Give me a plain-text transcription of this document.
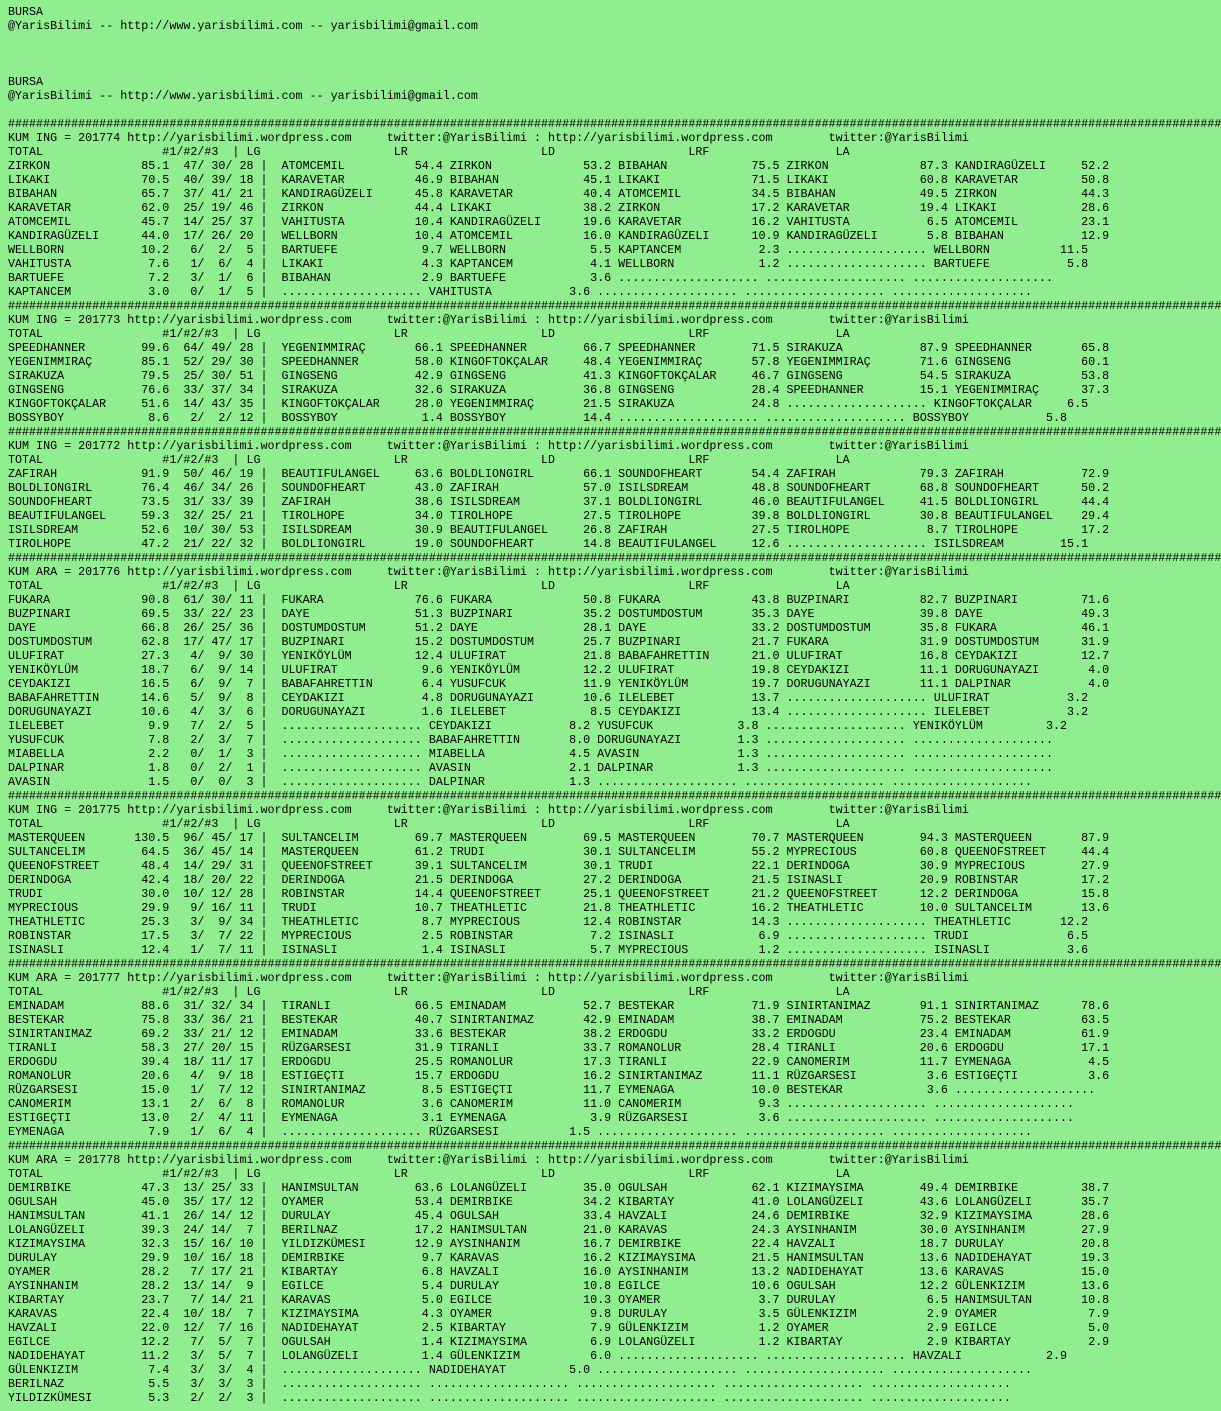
BURSA
@YarisBilimi -- http://www.yarisbilimi.com -- yarisbilimi@gmail.com

BURSA
@YarisBilimi -- http://www.yarisbilimi.com -- yarisbilimi@gmail.com

#############################################################################################################################################################################
KUM ING = 201774 http://yarisbilimi.wordpress.com     twitter:@YarisBilimi : http://yarisbilimi.wordpress.com        twitter:@YarisBilimi
TOTAL                 #1/#2/#3  | LG                   LR                   LD                   LRF                  LA
ZIRKON             85.1  47/ 30/ 28 |  ATOMCEMIL          54.4 ZIRKON             53.2 BIBAHAN            75.5 ZIRKON             87.3 KANDIRAGÜZELI     52.2
LIKAKI             70.5  40/ 39/ 18 |  KARAVETAR          46.9 BIBAHAN            45.1 LIKAKI             71.5 LIKAKI             60.8 KARAVETAR         50.8
BIBAHAN            65.7  37/ 41/ 21 |  KANDIRAGÜZELI      45.8 KARAVETAR          40.4 ATOMCEMIL          34.5 BIBAHAN            49.5 ZIRKON            44.3
KARAVETAR          62.0  25/ 19/ 46 |  ZIRKON             44.4 LIKAKI             38.2 ZIRKON             17.2 KARAVETAR          19.4 LIKAKI            28.6
ATOMCEMIL          45.7  14/ 25/ 37 |  VAHITUSTA          10.4 KANDIRAGÜZELI      19.6 KARAVETAR          16.2 VAHITUSTA           6.5 ATOMCEMIL         23.1
KANDIRAGÜZELI      44.0  17/ 26/ 20 |  WELLBORN           10.4 ATOMCEMIL          16.0 KANDIRAGÜZELI      10.9 KANDIRAGÜZELI       5.8 BIBAHAN           12.9
WELLBORN           10.2   6/  2/  5 |  BARTUEFE            9.7 WELLBORN            5.5 KAPTANCEM           2.3 .................... WELLBORN          11.5
VAHITUSTA           7.6   1/  6/  4 |  LIKAKI              4.3 KAPTANCEM           4.1 WELLBORN            1.2 .................... BARTUEFE           5.8
BARTUEFE            7.2   3/  1/  6 |  BIBAHAN             2.9 BARTUEFE            3.6 .................... .................... ....................
KAPTANCEM           3.0   0/  1/  5 |  .................... VAHITUSTA           3.6 .................... .................... ....................
#############################################################################################################################################################################
KUM ING = 201773 http://yarisbilimi.wordpress.com     twitter:@YarisBilimi : http://yarisbilimi.wordpress.com        twitter:@YarisBilimi
TOTAL                 #1/#2/#3  | LG                   LR                   LD                   LRF                  LA
SPEEDHANNER        99.6  64/ 49/ 28 |  YEGENIMMIRAÇ       66.1 SPEEDHANNER        66.7 SPEEDHANNER        71.5 SIRAKUZA           87.9 SPEEDHANNER       65.8
YEGENIMMIRAÇ       85.1  52/ 29/ 30 |  SPEEDHANNER        58.0 KINGOFTOKÇALAR     48.4 YEGENIMMIRAÇ       57.8 YEGENIMMIRAÇ       71.6 GINGSENG          60.1
SIRAKUZA           79.5  25/ 30/ 51 |  GINGSENG           42.9 GINGSENG           41.3 KINGOFTOKÇALAR     46.7 GINGSENG           54.5 SIRAKUZA          53.8
GINGSENG           76.6  33/ 37/ 34 |  SIRAKUZA           32.6 SIRAKUZA           36.8 GINGSENG           28.4 SPEEDHANNER        15.1 YEGENIMMIRAÇ      37.3
KINGOFTOKÇALAR     51.6  14/ 43/ 35 |  KINGOFTOKÇALAR     28.0 YEGENIMMIRAÇ       21.5 SIRAKUZA           24.8 .................... KINGOFTOKÇALAR     6.5
BOSSYBOY            8.6   2/  2/ 12 |  BOSSYBOY            1.4 BOSSYBOY           14.4 .................... .................... BOSSYBOY           5.8
#############################################################################################################################################################################
KUM ING = 201772 http://yarisbilimi.wordpress.com     twitter:@YarisBilimi : http://yarisbilimi.wordpress.com        twitter:@YarisBilimi
TOTAL                 #1/#2/#3  | LG                   LR                   LD                   LRF                  LA
ZAFIRAH            91.9  50/ 46/ 19 |  BEAUTIFULANGEL     63.6 BOLDLIONGIRL       66.1 SOUNDOFHEART       54.4 ZAFIRAH            79.3 ZAFIRAH           72.9
BOLDLIONGIRL       76.4  46/ 34/ 26 |  SOUNDOFHEART       43.0 ZAFIRAH            57.0 ISILSDREAM         48.8 SOUNDOFHEART       68.8 SOUNDOFHEART      50.2
SOUNDOFHEART       73.5  31/ 33/ 39 |  ZAFIRAH            38.6 ISILSDREAM         37.1 BOLDLIONGIRL       46.0 BEAUTIFULANGEL     41.5 BOLDLIONGIRL      44.4
BEAUTIFULANGEL     59.3  32/ 25/ 21 |  TIROLHOPE          34.0 TIROLHOPE          27.5 TIROLHOPE          39.8 BOLDLIONGIRL       30.8 BEAUTIFULANGEL    29.4
ISILSDREAM         52.6  10/ 30/ 53 |  ISILSDREAM         30.9 BEAUTIFULANGEL     26.8 ZAFIRAH            27.5 TIROLHOPE           8.7 TIROLHOPE         17.2
TIROLHOPE          47.2  21/ 22/ 32 |  BOLDLIONGIRL       19.0 SOUNDOFHEART       14.8 BEAUTIFULANGEL     12.6 .................... ISILSDREAM        15.1
#############################################################################################################################################################################
KUM ARA = 201776 http://yarisbilimi.wordpress.com     twitter:@YarisBilimi : http://yarisbilimi.wordpress.com        twitter:@YarisBilimi
TOTAL                 #1/#2/#3  | LG                   LR                   LD                   LRF                  LA
FUKARA             90.8  61/ 30/ 11 |  FUKARA             76.6 FUKARA             50.8 FUKARA             43.8 BUZPINARI          82.7 BUZPINARI         71.6
BUZPINARI          69.5  33/ 22/ 23 |  DAYE               51.3 BUZPINARI          35.2 DOSTUMDOSTUM       35.3 DAYE               39.8 DAYE              49.3
DAYE               66.8  26/ 25/ 36 |  DOSTUMDOSTUM       51.2 DAYE               28.1 DAYE               33.2 DOSTUMDOSTUM       35.8 FUKARA            46.1
DOSTUMDOSTUM       62.8  17/ 47/ 17 |  BUZPINARI          15.2 DOSTUMDOSTUM       25.7 BUZPINARI          21.7 FUKARA             31.9 DOSTUMDOSTUM      31.9
ULUFIRAT           27.3   4/  9/ 30 |  YENIKÖYLÜM         12.4 ULUFIRAT           21.8 BABAFAHRETTIN      21.0 ULUFIRAT           16.8 CEYDAKIZI         12.7
YENIKÖYLÜM         18.7   6/  9/ 14 |  ULUFIRAT            9.6 YENIKÖYLÜM         12.2 ULUFIRAT           19.8 CEYDAKIZI          11.1 DORUGUNAYAZI       4.0
CEYDAKIZI          16.5   6/  9/  7 |  BABAFAHRETTIN       6.4 YUSUFCUK           11.9 YENIKÖYLÜM         19.7 DORUGUNAYAZI       11.1 DALPINAR           4.0
BABAFAHRETTIN      14.6   5/  9/  8 |  CEYDAKIZI           4.8 DORUGUNAYAZI       10.6 ILELEBET           13.7 .................... ULUFIRAT           3.2
DORUGUNAYAZI       10.6   4/  3/  6 |  DORUGUNAYAZI        1.6 ILELEBET            8.5 CEYDAKIZI          13.4 .................... ILELEBET           3.2
ILELEBET            9.9   7/  2/  5 |  .................... CEYDAKIZI           8.2 YUSUFCUK            3.8 .................... YENIKÖYLÜM         3.2
YUSUFCUK            7.8   2/  3/  7 |  .................... BABAFAHRETTIN       8.0 DORUGUNAYAZI        1.3 .................... ....................
MIABELLA            2.2   0/  1/  3 |  .................... MIABELLA            4.5 AVASIN              1.3 .................... ....................
DALPINAR            1.8   0/  2/  1 |  .................... AVASIN              2.1 DALPINAR            1.3 .................... ....................
AVASIN              1.5   0/  0/  3 |  .................... DALPINAR            1.3 .................... .................... ....................
#############################################################################################################################################################################
KUM ING = 201775 http://yarisbilimi.wordpress.com     twitter:@YarisBilimi : http://yarisbilimi.wordpress.com        twitter:@YarisBilimi
TOTAL                 #1/#2/#3  | LG                   LR                   LD                   LRF                  LA
MASTERQUEEN       130.5  96/ 45/ 17 |  SULTANCELIM        69.7 MASTERQUEEN        69.5 MASTERQUEEN        70.7 MASTERQUEEN        94.3 MASTERQUEEN       87.9
SULTANCELIM        64.5  36/ 45/ 14 |  MASTERQUEEN        61.2 TRUDI              30.1 SULTANCELIM        55.2 MYPRECIOUS         60.8 QUEENOFSTREET     44.4
QUEENOFSTREET      48.4  14/ 29/ 31 |  QUEENOFSTREET      39.1 SULTANCELIM        30.1 TRUDI              22.1 DERINDOGA          30.9 MYPRECIOUS        27.9
DERINDOGA          42.4  18/ 20/ 22 |  DERINDOGA          21.5 DERINDOGA          27.2 DERINDOGA          21.5 ISINASLI           20.9 ROBINSTAR         17.2
TRUDI              30.0  10/ 12/ 28 |  ROBINSTAR          14.4 QUEENOFSTREET      25.1 QUEENOFSTREET      21.2 QUEENOFSTREET      12.2 DERINDOGA         15.8
MYPRECIOUS         29.9   9/ 16/ 11 |  TRUDI              10.7 THEATHLETIC        21.8 THEATHLETIC        16.2 THEATHLETIC        10.0 SULTANCELIM       13.6
THEATHLETIC        25.3   3/  9/ 34 |  THEATHLETIC         8.7 MYPRECIOUS         12.4 ROBINSTAR          14.3 .................... THEATHLETIC       12.2
ROBINSTAR          17.5   3/  7/ 22 |  MYPRECIOUS          2.5 ROBINSTAR           7.2 ISINASLI            6.9 .................... TRUDI              6.5
ISINASLI           12.4   1/  7/ 11 |  ISINASLI            1.4 ISINASLI            5.7 MYPRECIOUS          1.2 .................... ISINASLI           3.6
#############################################################################################################################################################################
KUM ARA = 201777 http://yarisbilimi.wordpress.com     twitter:@YarisBilimi : http://yarisbilimi.wordpress.com        twitter:@YarisBilimi
TOTAL                 #1/#2/#3  | LG                   LR                   LD                   LRF                  LA
EMINADAM           88.6  31/ 32/ 34 |  TIRANLI            66.5 EMINADAM           52.7 BESTEKAR           71.9 SINIRTANIMAZ       91.1 SINIRTANIMAZ      78.6
BESTEKAR           75.8  33/ 36/ 21 |  BESTEKAR           40.7 SINIRTANIMAZ       42.9 EMINADAM           38.7 EMINADAM           75.2 BESTEKAR          63.5
SINIRTANIMAZ       69.2  33/ 21/ 12 |  EMINADAM           33.6 BESTEKAR           38.2 ERDOGDU            33.2 ERDOGDU            23.4 EMINADAM          61.9
TIRANLI            58.3  27/ 20/ 15 |  RÜZGARSESI         31.9 TIRANLI            33.7 ROMANOLUR          28.4 TIRANLI            20.6 ERDOGDU           17.1
ERDOGDU            39.4  18/ 11/ 17 |  ERDOGDU            25.5 ROMANOLUR          17.3 TIRANLI            22.9 CANOMERIM          11.7 EYMENAGA           4.5
ROMANOLUR          20.6   4/  9/ 18 |  ESTIGEÇTI          15.7 ERDOGDU            16.2 SINIRTANIMAZ       11.1 RÜZGARSESI          3.6 ESTIGEÇTI          3.6
RÜZGARSESI         15.0   1/  7/ 12 |  SINIRTANIMAZ        8.5 ESTIGEÇTI          11.7 EYMENAGA           10.0 BESTEKAR            3.6 ....................
CANOMERIM          13.1   2/  6/  8 |  ROMANOLUR           3.6 CANOMERIM          11.0 CANOMERIM           9.3 .................... ....................
ESTIGEÇTI          13.0   2/  4/ 11 |  EYMENAGA            3.1 EYMENAGA            3.9 RÜZGARSESI          3.6 .................... ....................
EYMENAGA            7.9   1/  6/  4 |  .................... RÜZGARSESI          1.5 .................... .................... ....................
#############################################################################################################################################################################
KUM ARA = 201778 http://yarisbilimi.wordpress.com     twitter:@YarisBilimi : http://yarisbilimi.wordpress.com        twitter:@YarisBilimi
TOTAL                 #1/#2/#3  | LG                   LR                   LD                   LRF                  LA
DEMIRBIKE          47.3  13/ 25/ 33 |  HANIMSULTAN        63.6 LOLANGÜZELI        35.0 OGULSAH            62.1 KIZIMAYSIMA        49.4 DEMIRBIKE         38.7
OGULSAH            45.0  35/ 17/ 12 |  OYAMER             53.4 DEMIRBIKE          34.2 KIBARTAY           41.0 LOLANGÜZELI        43.6 LOLANGÜZELI       35.7
HANIMSULTAN        41.1  26/ 14/ 12 |  DURULAY            45.4 OGULSAH            33.4 HAVZALI            24.6 DEMIRBIKE          32.9 KIZIMAYSIMA       28.6
LOLANGÜZELI        39.3  24/ 14/  7 |  BERILNAZ           17.2 HANIMSULTAN        21.0 KARAVAS            24.3 AYSINHANIM         30.0 AYSINHANIM        27.9
KIZIMAYSIMA        32.3  15/ 16/ 10 |  YILDIZKÜMESI       12.9 AYSINHANIM         16.7 DEMIRBIKE          22.4 HAVZALI            18.7 DURULAY           20.8
DURULAY            29.9  10/ 16/ 18 |  DEMIRBIKE           9.7 KARAVAS            16.2 KIZIMAYSIMA        21.5 HANIMSULTAN        13.6 NADIDEHAYAT       19.3
OYAMER             28.2   7/ 17/ 21 |  KIBARTAY            6.8 HAVZALI            16.0 AYSINHANIM         13.2 NADIDEHAYAT        13.6 KARAVAS           15.0
AYSINHANIM         28.2  13/ 14/  9 |  EGILCE              5.4 DURULAY            10.8 EGILCE             10.6 OGULSAH            12.2 GÜLENKIZIM        13.6
KIBARTAY           23.7   7/ 14/ 21 |  KARAVAS             5.0 EGILCE             10.3 OYAMER              3.7 DURULAY             6.5 HANIMSULTAN       10.8
KARAVAS            22.4  10/ 18/  7 |  KIZIMAYSIMA         4.3 OYAMER              9.8 DURULAY             3.5 GÜLENKIZIM          2.9 OYAMER             7.9
HAVZALI            22.0  12/  7/ 16 |  NADIDEHAYAT         2.5 KIBARTAY            7.9 GÜLENKIZIM          1.2 OYAMER              2.9 EGILCE             5.0
EGILCE             12.2   7/  5/  7 |  OGULSAH             1.4 KIZIMAYSIMA         6.9 LOLANGÜZELI         1.2 KIBARTAY            2.9 KIBARTAY           2.9
NADIDEHAYAT        11.2   3/  5/  7 |  LOLANGÜZELI         1.4 GÜLENKIZIM          6.0 .................... .................... HAVZALI            2.9
GÜLENKIZIM          7.4   3/  3/  4 |  .................... NADIDEHAYAT         5.0 .................... .................... ....................
BERILNAZ            5.5   3/  3/  3 |  .................... .................... .................... .................... ....................
YILDIZKÜMESI        5.3   2/  2/  3 |  .................... .................... .................... .................... ....................
